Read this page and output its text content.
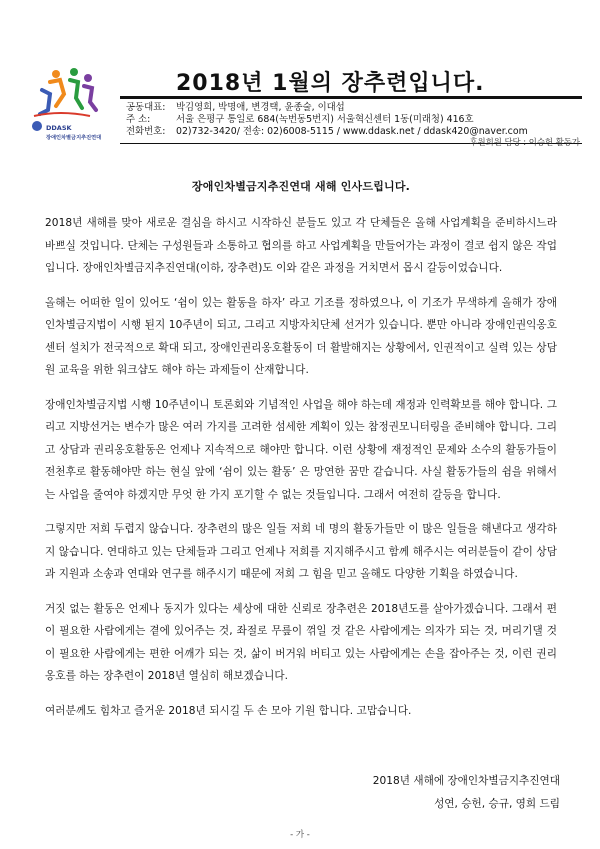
DDASK
장애인차별금지추진연대
2018년 1월의 장추련입니다.
공동대표:	박김영희, 박명애, 변경택, 윤종술, 이대섭
주 소:	서울 은평구 통일로 684(녹번동5번지) 서울혁신센터 1동(미래청) 416호
전화번호:	02)732-3420/ 전송: 02)6008-5115 / www.ddask.net / ddask420@naver.com
후원회원 담당 : 이승헌 활동가
장애인차별금지추진연대 새해 인사드립니다.

2018년 새해를 맞아 새로운 결심을 하시고 시작하신 분들도 있고 각 단체들은 올해 사업계획을 준비하시느라 바쁘실 것입니다. 단체는 구성원들과 소통하고 협의를 하고 사업계획을 만들어가는 과정이 결코 쉽지 않은 작업입니다. 장애인차별금지추진연대(이하, 장추련)도 이와 같은 과정을 거치면서 몹시 갈등이었습니다.

올해는 어떠한 일이 있어도 ‘쉼이 있는 활동을 하자’ 라고 기조를 정하였으나, 이 기조가 무색하게 올해가 장애인차별금지법이 시행 된지 10주년이 되고, 그리고 지방자치단체 선거가 있습니다. 뿐만 아니라 장애인권익옹호센터 설치가 전국적으로 확대 되고, 장애인권리옹호활동이 더 활발해지는 상황에서, 인권적이고 실력 있는 상담원 교육을 위한 워크샵도 해야 하는 과제들이 산재합니다.

장애인차별금지법 시행 10주년이니 토론회와 기념적인 사업을 해야 하는데 재정과 인력확보를 해야 합니다. 그리고 지방선거는 변수가 많은 여러 가지를 고려한 섬세한 계획이 있는 참정권모니터링을 준비해야 합니다. 그리고 상담과 권리옹호활동은 언제나 지속적으로 해야만 합니다. 이런 상황에 재정적인 문제와 소수의 활동가들이 전천후로 활동해야만 하는 현실 앞에 ‘쉼이 있는 활동’ 은 망연한 꿈만 같습니다. 사실 활동가들의 쉼을 위해서는 사업을 줄여야 하겠지만 무엇 한 가지 포기할 수 없는 것들입니다. 그래서 여전히 갈등을 합니다.

그렇지만 저희 두렵지 않습니다. 장추련의 많은 일들 저희 네 명의 활동가들만 이 많은 일들을 해낸다고 생각하지 않습니다. 연대하고 있는 단체들과 그리고 언제나 저희를 지지해주시고 함께 해주시는 여러분들이 같이 상담과 지원과 소송과 연대와 연구를 해주시기 때문에 저희 그 힘을 믿고 올해도 다양한 기획을 하였습니다.

거짓 없는 활동은 언제나 동지가 있다는 세상에 대한 신뢰로 장추련은 2018년도를 살아가겠습니다. 그래서 편이 필요한 사람에게는 곁에 있어주는 것, 좌절로 무릎이 꺾일 것 같은 사람에게는 의자가 되는 것, 머리기댈 것이 필요한 사람에게는 편한 어깨가 되는 것, 삶이 버거워 버티고 있는 사람에게는 손을 잡아주는 것, 이런 권리옹호를 하는 장추련이 2018년 열심히 해보겠습니다.

여러분께도 힘차고 즐거운 2018년 되시길 두 손 모아 기원 합니다. 고맙습니다.

2018년 새해에 장애인차별금지추진연대
성연, 승헌, 승규, 영희 드림
- 가 -
